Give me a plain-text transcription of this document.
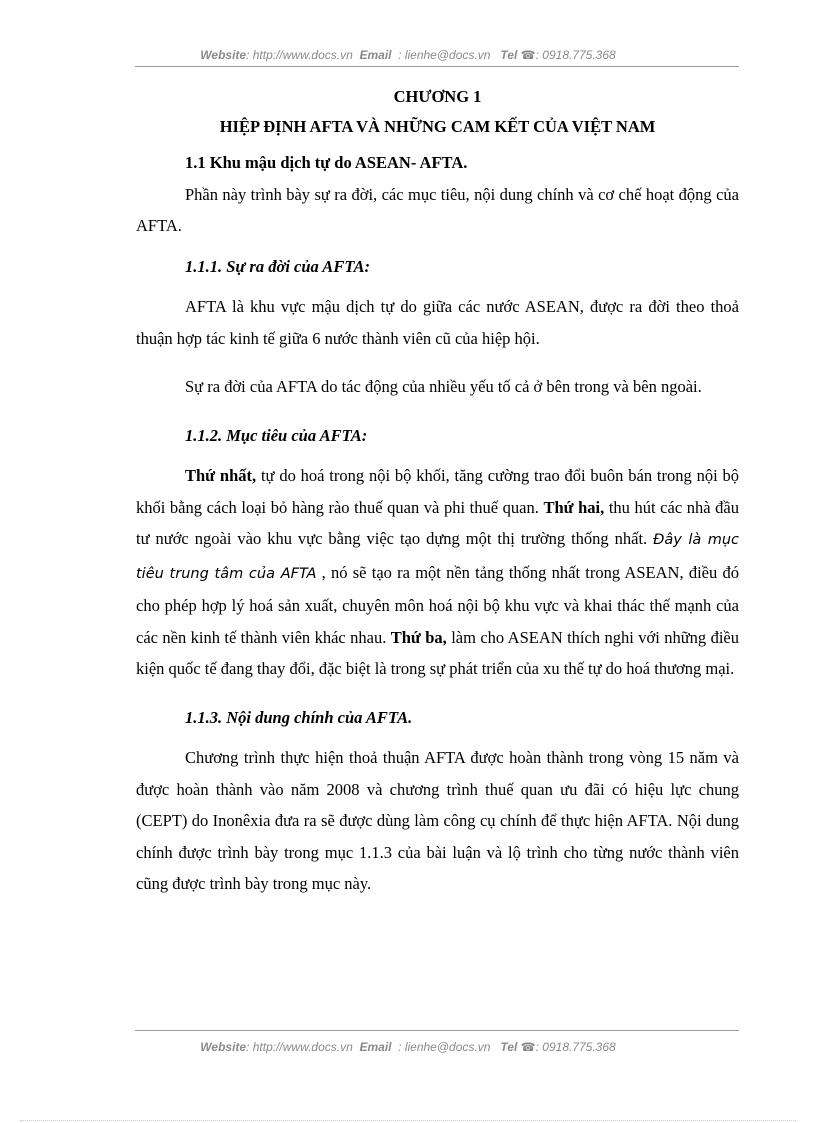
Website: http://www.docs.vn Email  : lienhe@docs.vn Tel ☎: 0918.775.368
CHƯƠNG 1
HIỆP ĐỊNH AFTA VÀ NHỮNG CAM KẾT CỦA VIỆT NAM

1.1 Khu mậu dịch tự do ASEAN- AFTA.

Phần này trình bày sự ra đời, các mục tiêu, nội dung chính và cơ chế hoạt động của AFTA.

1.1.1. Sự ra đời của AFTA:

AFTA là khu vực mậu dịch tự do giữa các nước ASEAN, được ra đời theo thoả thuận hợp tác kinh tế giữa 6 nước thành viên cũ của hiệp hội.

Sự ra đời của AFTA do tác động của nhiều yếu tố cả ở bên trong và bên ngoài.

1.1.2. Mục tiêu của AFTA:

Thứ nhất, tự do hoá trong nội bộ khối, tăng cường trao đổi buôn bán trong nội bộ khối bằng cách loại bỏ hàng rào thuế quan và phi thuế quan. Thứ hai, thu hút các nhà đầu tư nước ngoài vào khu vực bằng việc tạo dựng một thị trường thống nhất. Đây là mục tiêu trung tâm của AFTA , nó sẽ tạo ra một nền tảng thống nhất trong ASEAN, điều đó cho phép hợp lý hoá sản xuất, chuyên môn hoá nội bộ khu vực và khai thác thế mạnh của các nền kinh tế thành viên khác nhau. Thứ ba, làm cho ASEAN thích nghi với những điều kiện quốc tế đang thay đổi, đặc biệt là trong sự phát triển của xu thế tự do hoá thương mại.

1.1.3. Nội dung chính của AFTA.

Chương trình thực hiện thoả thuận AFTA được hoàn thành trong vòng 15 năm và được hoàn thành vào năm 2008 và chương trình thuế quan ưu đãi có hiệu lực chung (CEPT) do Inonêxia đưa ra sẽ được dùng làm công cụ chính để thực hiện AFTA. Nội dung chính được trình bày trong mục 1.1.3 của bài luận và lộ trình cho từng nước thành viên cũng được trình bày trong mục này.

Website: http://www.docs.vn Email  : lienhe@docs.vn Tel ☎: 0918.775.368
